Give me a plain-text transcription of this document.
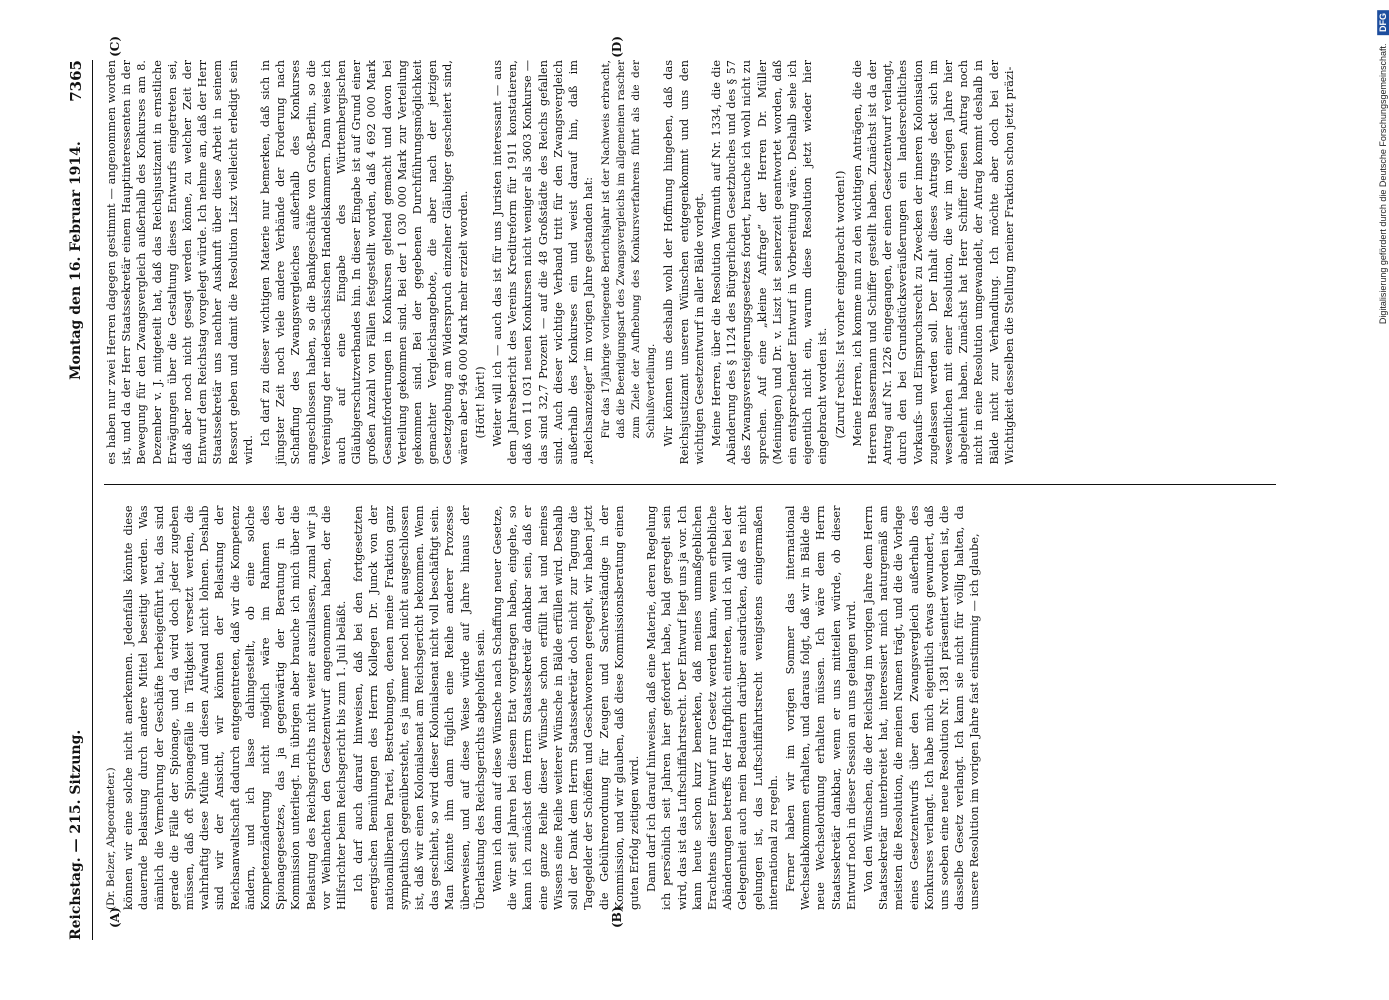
Reichstag. — 215. Sitzung.
Montag den 16. Februar 1914.
7365
(A)	(B)
(C)	(D)

(Dr. Belzer, Abgeordneter.) können wir eine solche nicht anerkennen. Jedenfalls könnte diese dauernde Belastung durch andere Mittel beseitigt werden. Was nämlich die Vermehrung der Geschäfte herbeigeführt hat, das sind gerade die Fälle der Spionage, und da wird doch jeder zugeben müssen, daß oft Spionagefälle in Tätigkeit versetzt werden, die wahrhaftig diese Mühe und diesen Aufwand nicht lohnen. Deshalb sind wir der Ansicht, wir könnten der Belastung der Reichsanwaltschaft dadurch entgegentreten, daß wir die Kompetenz ändern, und ich lasse dahingestellt, ob eine solche Kompetenzänderung nicht möglich wäre im Rahmen des Spionagegesetzes, das ja gegenwärtig der Beratung in der Kommission unterliegt. Im übrigen aber brauche ich mich über die Belastung des Reichsgerichts nicht weiter auszulassen, zumal wir ja vor Weihnachten den Gesetzentwurf angenommen haben, der die Hilfsrichter beim Reichsgericht bis zum 1. Juli beläßt. Ich darf auch darauf hinweisen, daß bei den fortgesetzten energischen Bemühungen des Herrn Kollegen Dr. Junck von der nationalliberalen Partei, Bestrebungen, denen meine Fraktion ganz sympathisch gegenübersteht, es ja immer noch nicht ausgeschlossen ist, daß wir einen Kolonialsenat am Reichsgericht bekommen. Wenn das geschieht, so wird dieser Kolonialsenat nicht voll beschäftigt sein. Man könnte ihm dann füglich eine Reihe anderer Prozesse überweisen, und auf diese Weise würde auf Jahre hinaus der Überlastung des Reichsgerichts abgeholfen sein. Wenn ich dann auf diese Wünsche nach Schaffung neuer Gesetze, die wir seit Jahren bei diesem Etat vorgetragen haben, eingehe, so kann ich zunächst dem Herrn Staatssekretär dankbar sein, daß er eine ganze Reihe dieser Wünsche schon erfüllt hat und meines Wissens eine Reihe weiterer Wünsche in Bälde erfüllen wird. Deshalb soll der Dank dem Herrn Staatssekretär doch nicht zur Tagung die Tagegelder der Schöffen und Geschworenen geregelt, wir haben jetzt die Gebührenordnung für Zeugen und Sachverständige in der Kommission, und wir glauben, daß diese Kommissionsberatung einen guten Erfolg zeitigen wird. Dann darf ich darauf hinweisen, daß eine Materie, deren Regelung ich persönlich seit Jahren hier gefordert habe, bald geregelt sein wird, das ist das Luftschiffahrtsrecht. Der Entwurf liegt uns ja vor. Ich kann heute schon kurz bemerken, daß meines unmaßgeblichen Erachtens dieser Entwurf nur Gesetz werden kann, wenn erhebliche Abänderungen betreffs der Haftpflicht eintreten, und ich will bei der Gelegenheit auch mein Bedauern darüber ausdrücken, daß es nicht gelungen ist, das Luftschiffahrtsrecht wenigstens einigermaßen international zu regeln. Ferner haben wir im vorigen Sommer das international Wechselabkommen erhalten, und daraus folgt, daß wir in Bälde die neue Wechselordnung erhalten müssen. Ich wäre dem Herrn Staatssekretär dankbar, wenn er uns mitteilen würde, ob dieser Entwurf noch in dieser Session an uns gelangen wird. Von den Wünschen, die der Reichstag im vorigen Jahre dem Herrn Staatssekretär unterbreitet hat, interessiert mich naturgemäß am meisten die Resolution, die meinen Namen trägt, und die die Vorlage eines Gesetzentwurfs über den Zwangsvergleich außerhalb des Konkurses verlangt. Ich habe mich eigentlich etwas gewundert, daß uns soeben eine neue Resolution Nr. 1381 präsentiert worden ist, die dasselbe Gesetz verlangt. Ich kann sie nicht für völlig halten, da unsere Resolution im vorigen Jahre fast einstimmig — ich glaube,

es haben nur zwei Herren dagegen gestimmt — angenommen worden ist, und da der Herr Staatssekretär einem Hauptinteressenten in der Bewegung für den Zwangsvergleich außerhalb des Konkurses am 8. Dezember v. J. mitgeteilt hat, daß das Reichsjustizamt in ernstliche Erwägungen über die Gestaltung dieses Entwurfs eingetreten sei, daß aber noch nicht gesagt werden könne, zu welcher Zeit der Entwurf dem Reichstag vorgelegt würde. Ich nehme an, daß der Herr Staatssekretär uns nachher Auskunft über diese Arbeit in seinem Ressort geben und damit die Resolution Liszt vielleicht erledigt sein wird.

Ich darf zu dieser wichtigen Materie nur bemerken, daß sich in jüngster Zeit noch viele andere Verbände der Forderung nach Schaffung des Zwangsvergleiches außerhalb des Konkurses angeschlossen haben, so die Bankgeschäfte von Groß-Berlin, so die Vereinigung der niedersächsischen Handelskammern. Dann weise ich auch auf eine Eingabe des Württembergischen Gläubigerschutzverbandes hin. In dieser Eingabe ist auf Grund einer großen Anzahl von Fällen festgestellt worden, daß 4 692 000 Mark Gesamtforderungen in Konkursen geltend gemacht und davon bei Verteilung gekommen sind. Bei der 1 030 000 Mark zur Verteilung gekommen sind. Bei der gegebenen Durchführungsmöglichkeit gemachter Vergleichsangebote, die aber nach der jetzigen Gesetzgebung am Widerspruch einzelner Gläubiger gescheitert sind, wären aber 946 000 Mark mehr erzielt worden. (Hört! hört!) Weiter will ich — auch das ist für uns Juristen interessant — aus dem Jahresbericht des Vereins Kreditreform für 1911 konstatieren, daß von 11 031 neuen Konkursen nicht weniger als 3603 Konkurse — das sind 32,7 Prozent — auf die 48 Großstädte des Reichs gefallen sind. Auch dieser wichtige Verband tritt für den Zwangsvergleich außerhalb des Konkurses ein und weist darauf hin, daß im „Reichsanzeiger“ im vorigen Jahre gestanden hat: Für das 17jährige vorliegende Berichtsjahr ist der Nachweis erbracht, daß die Beendigungsart des Zwangsvergleichs im allgemeinen rascher zum Ziele der Aufhebung des Konkursverfahrens führt als die der Schlußverteilung. Wir können uns deshalb wohl der Hoffnung hingeben, daß das Reichsjustizamt unseren Wünschen entgegenkommt und uns den wichtigen Gesetzentwurf in aller Bälde vorlegt. Meine Herren, über die Resolution Warmuth auf Nr. 1334, die die Abänderung des § 1124 des Bürgerlichen Gesetzbuches und des § 57 des Zwangsversteigerungsgesetzes fordert, brauche ich wohl nicht zu sprechen. Auf eine „kleine Anfrage“ der Herren Dr. Müller (Meiningen) und Dr. v. Liszt ist seinerzeit geantwortet worden, daß ein entsprechender Entwurf in Vorbereitung wäre. Deshalb sehe ich eigentlich nicht ein, warum diese Resolution jetzt wieder hier eingebracht worden ist. (Zuruf rechts: Ist vorher eingebracht worden!) Meine Herren, ich komme nun zu den wichtigen Anträgen, die die Herren Bassermann und Schiffer gestellt haben. Zunächst ist da der Antrag auf Nr. 1226 eingegangen, der einen Gesetzentwurf verlangt, durch den bei Grundstücksveräußerungen ein landesrechtliches Vorkaufs- und Einspruchsrecht zu Zwecken der inneren Kolonisation zugelassen werden soll. Der Inhalt dieses Antrags deckt sich im wesentlichen mit einer Resolution, die wir im vorigen Jahre hier abgelehnt haben. Zunächst hat Herr Schiffer diesen Antrag noch nicht in eine Resolution umgewandelt, der Antrag kommt deshalb in Bälde nicht zur Verhandlung. Ich möchte aber doch bei der Wichtigkeit desselben die Stellung meiner Fraktion schon jetzt präzi-	Digitalisierung gefördert durch die Deutsche Forschungsgemeinschaft. DFG
